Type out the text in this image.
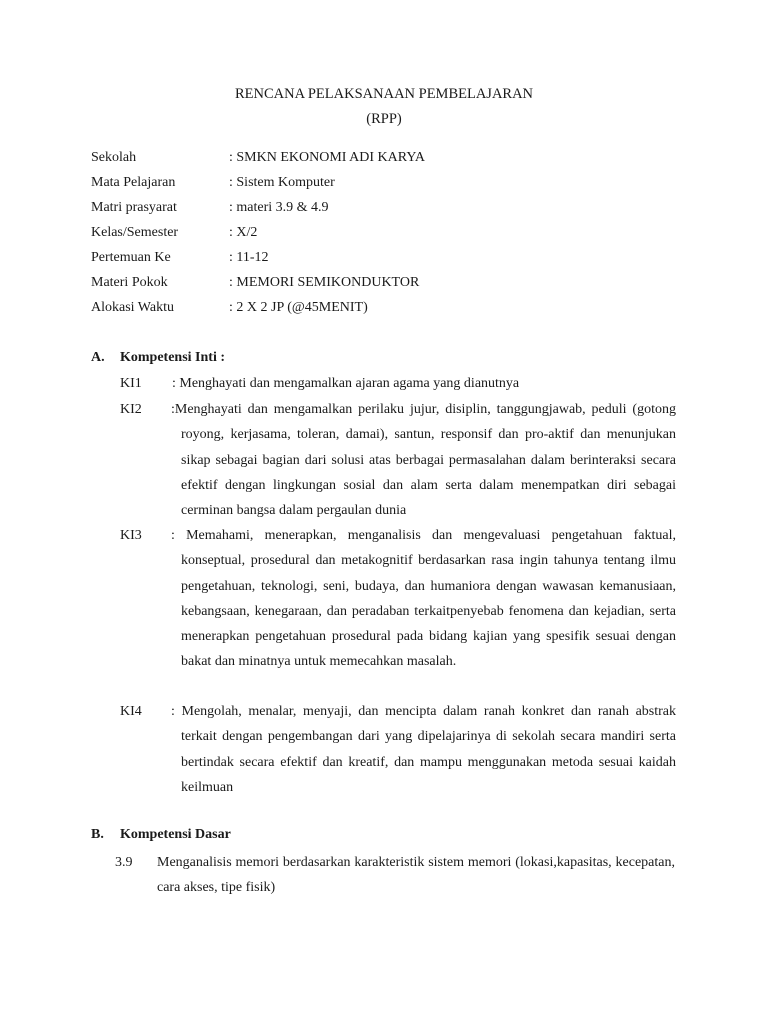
RENCANA PELAKSANAAN PEMBELAJARAN
(RPP)
Sekolah	: SMKN EKONOMI ADI KARYA
Mata Pelajaran	: Sistem Komputer
Matri prasyarat	: materi 3.9 & 4.9
Kelas/Semester	: X/2
Pertemuan Ke	: 11-12
Materi Pokok	: MEMORI SEMIKONDUKTOR
Alokasi Waktu	: 2 X 2 JP (@45MENIT)
A.	Kompetensi Inti :
KI1 : Menghayati dan mengamalkan ajaran agama yang dianutnya
KI2 :Menghayati dan mengamalkan perilaku jujur, disiplin, tanggungjawab, peduli (gotong royong, kerjasama, toleran, damai), santun, responsif dan pro-aktif dan menunjukan sikap sebagai bagian dari solusi atas berbagai permasalahan dalam berinteraksi secara efektif dengan lingkungan sosial dan alam serta dalam menempatkan diri sebagai cerminan bangsa dalam pergaulan dunia
KI3 : Memahami, menerapkan, menganalisis dan mengevaluasi pengetahuan faktual, konseptual, prosedural dan metakognitif berdasarkan rasa ingin tahunya tentang ilmu pengetahuan, teknologi, seni, budaya, dan humaniora dengan wawasan kemanusiaan, kebangsaan, kenegaraan, dan peradaban terkaitpenyebab fenomena dan kejadian, serta menerapkan pengetahuan prosedural pada bidang kajian yang spesifik sesuai dengan bakat dan minatnya untuk memecahkan masalah.
KI4 : Mengolah, menalar, menyaji, dan mencipta dalam ranah konkret dan ranah abstrak terkait dengan pengembangan dari yang dipelajarinya di sekolah secara mandiri serta bertindak secara efektif dan kreatif, dan mampu menggunakan metoda sesuai kaidah keilmuan
B.	Kompetensi Dasar
3.9 Menganalisis memori berdasarkan karakteristik sistem memori (lokasi,kapasitas, kecepatan, cara akses, tipe fisik)
